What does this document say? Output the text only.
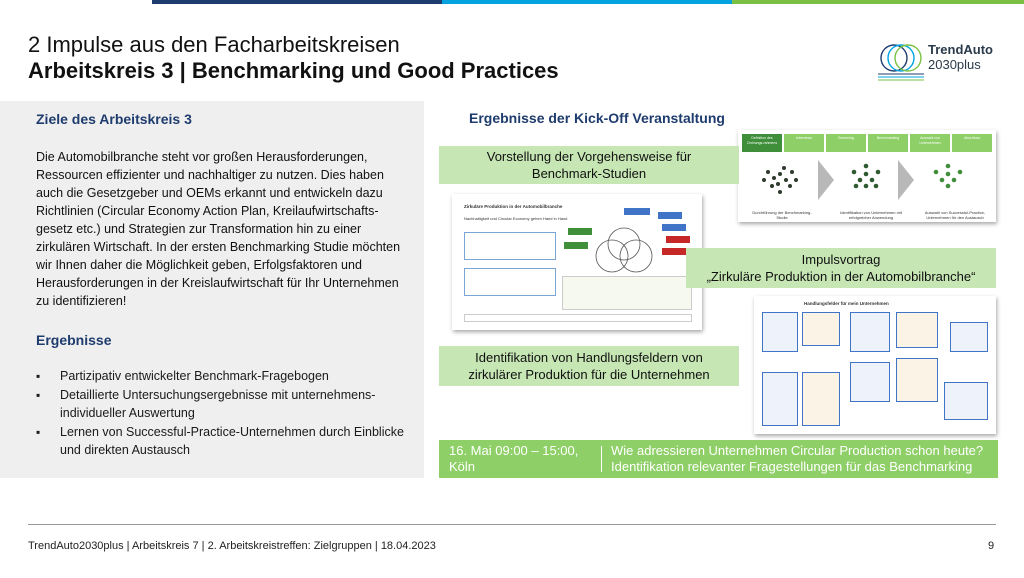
2 Impulse aus den Facharbeitskreisen
Arbeitskreis 3 | Benchmarking und Good Practices
TrendAuto
2030plus
Ziele des Arbeitskreis 3
Die Automobilbranche steht vor großen Herausforderungen, Ressourcen effizienter und nachhaltiger zu nutzen. Dies haben auch die Gesetzgeber und OEMs erkannt und entwickeln dazu Richtlinien (Circular Economy Action Plan, Kreilaufwirtschafts-gesetz etc.) und Strategien zur Transformation hin zu einer zirkulären Wirtschaft. In der ersten Benchmarking Studie möchten wir Ihnen daher die Möglichkeit geben, Erfolgsfaktoren und Herausforderungen in der Kreislaufwirtschaft für Ihr Unternehmen zu identifizieren!
Ergebnisse
▪ Partizipativ entwickelter Benchmark-Fragebogen
▪ Detaillierte Untersuchungsergebnisse mit unternehmens-individueller Auswertung
▪ Lernen von Successful-Practice-Unternehmen durch Einblicke und direkten Austausch
Ergebnisse der Kick-Off Veranstaltung
Definition des Ordnungs-rahmens
Interviews	Screening	Benchmarking	Auswahl von Unternehmen
Abschluss
Durchführung der Benchmarking-Studie
Identifikation von Unternehmen mit erfolgreicher Anwendung
Auswahl von Successful-Practice-Unternehmen für den Austausch
Vorstellung der Vorgehensweise für Benchmark-Studien
Zirkuläre Produktion in der Automobilbranche
Nachhaltigkeit und Circular Economy gehen Hand in Hand
Impulsvortrag
„Zirkuläre Produktion in der Automobilbranche“
Handlungsfelder für mein Unternehmen
Identifikation von Handlungsfeldern von zirkulärer Produktion für die Unternehmen
16. Mai 09:00 – 15:00, Köln
Wie adressieren Unternehmen Circular Production schon heute?
Identifikation relevanter Fragestellungen für das Benchmarking
TrendAuto2030plus | Arbeitskreis 7 | 2. Arbeitskreistreffen: Zielgruppen | 18.04.2023	9
